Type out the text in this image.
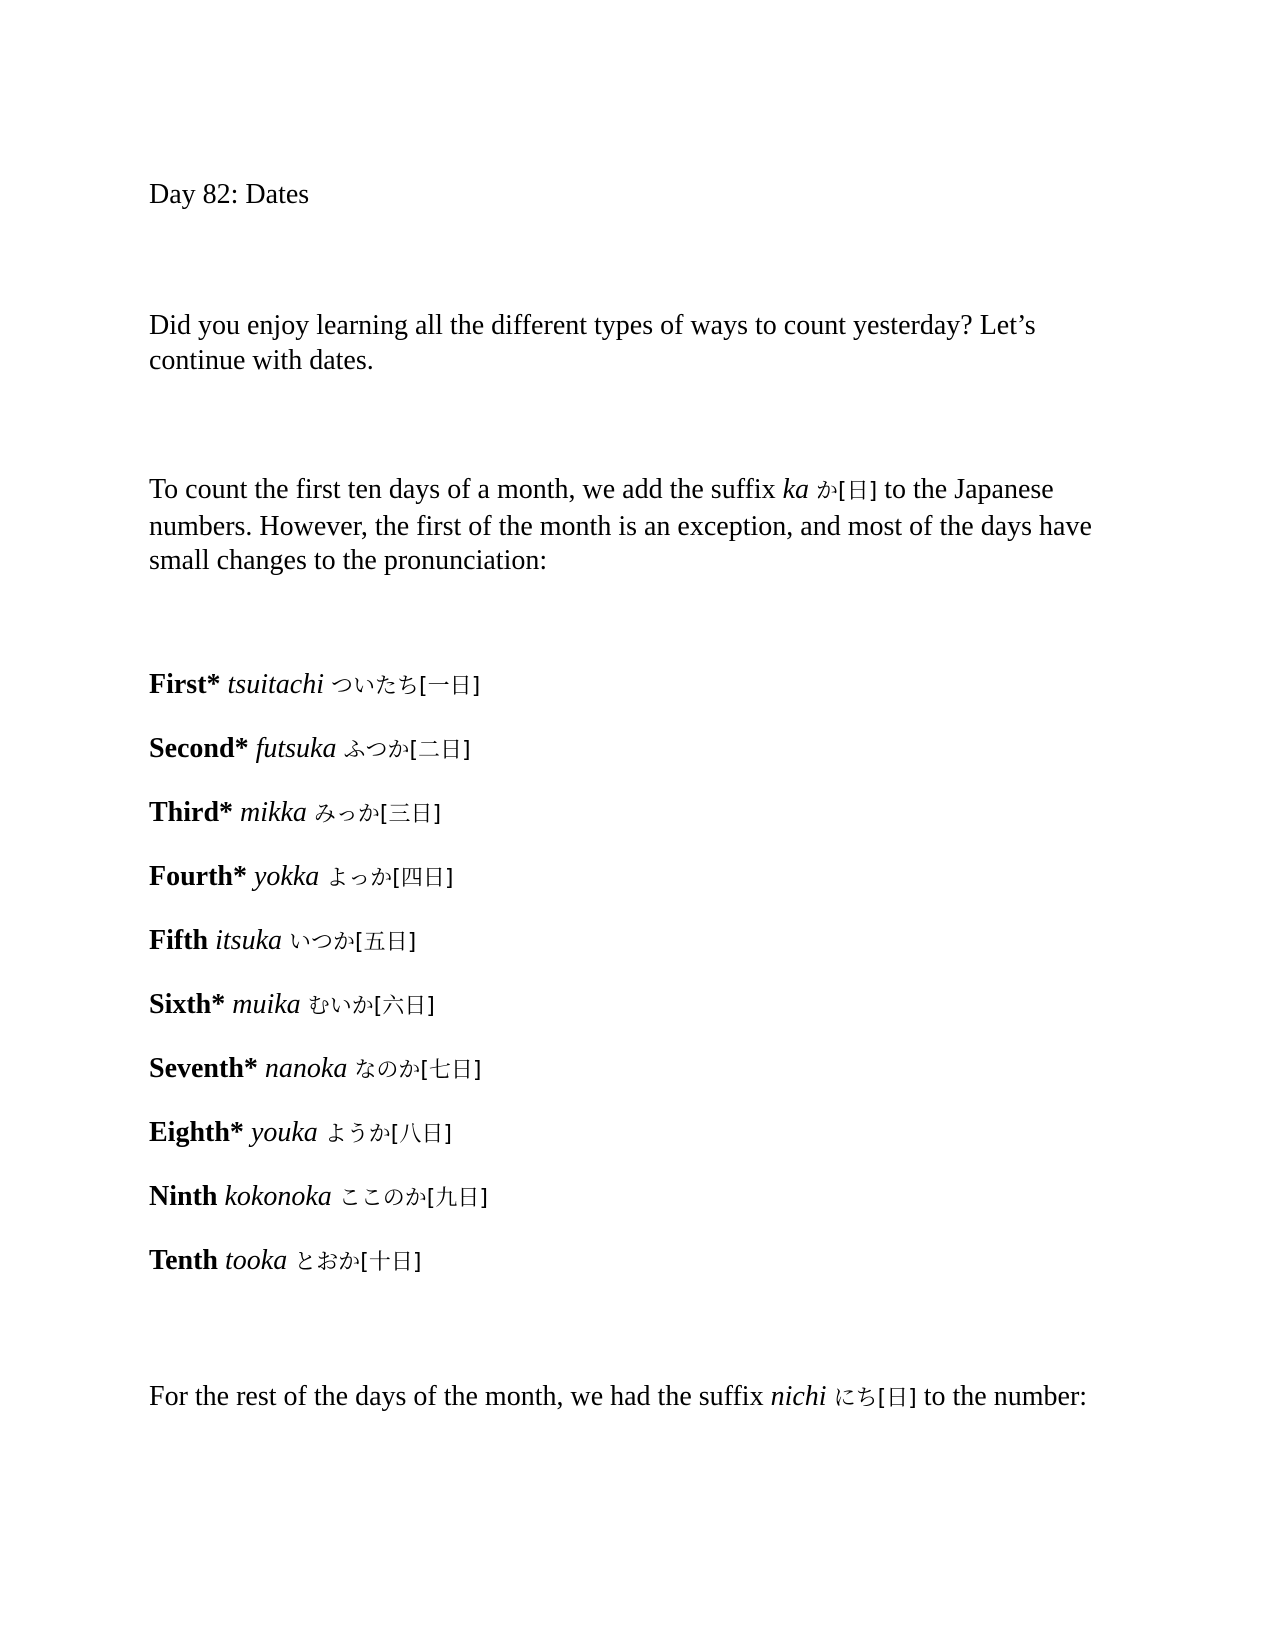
Day 82: Dates
Did you enjoy learning all the different types of ways to count yesterday? Let’s continue with dates.
To count the first ten days of a month, we add the suffix ka か[日] to the Japanese numbers. However, the first of the month is an exception, and most of the days have small changes to the pronunciation:
First* tsuitachi ついたち[一日]
Second* futsuka ふつか[二日]
Third* mikka みっか[三日]
Fourth* yokka よっか[四日]
Fifth itsuka いつか[五日]
Sixth* muika むいか[六日]
Seventh* nanoka なのか[七日]
Eighth* youka ようか[八日]
Ninth kokonoka ここのか[九日]
Tenth tooka とおか[十日]
For the rest of the days of the month, we had the suffix nichi にち[日] to the number:
